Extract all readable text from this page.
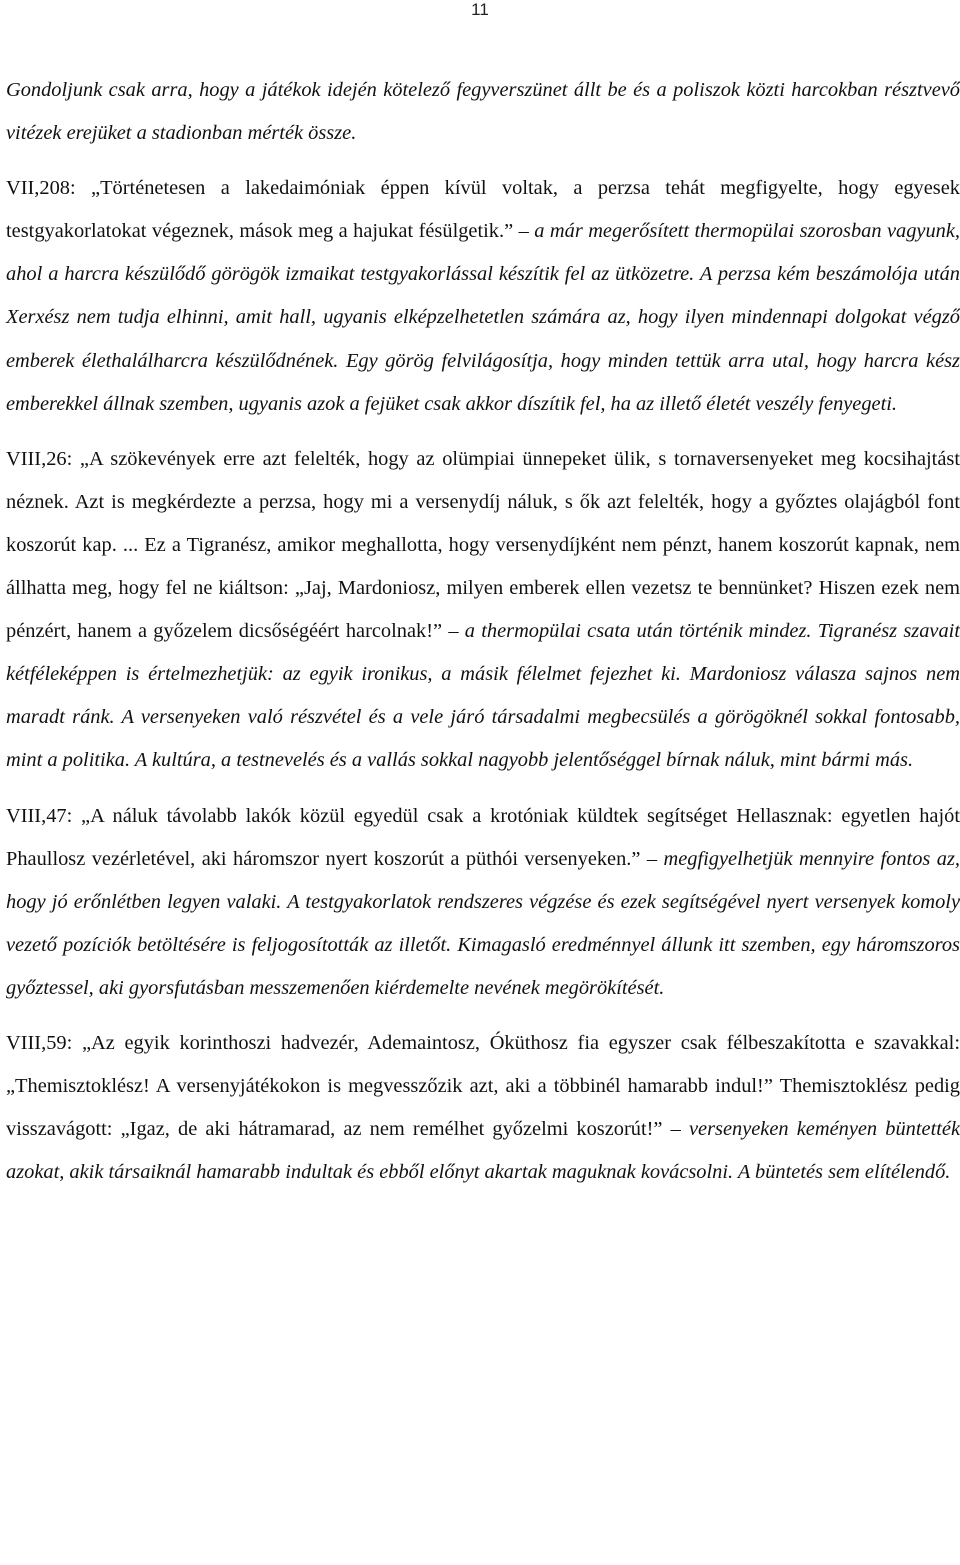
11

Gondoljunk csak arra, hogy a játékok idején kötelező fegyverszünet állt be és a poliszok közti harcokban résztvevő vitézek erejüket a stadionban mérték össze.

VII,208: „Történetesen a lakedaimóniak éppen kívül voltak, a perzsa tehát megfigyelte, hogy egyesek testgyakorlatokat végeznek, mások meg a hajukat fésülgetik.” – a már megerősített thermopülai szorosban vagyunk, ahol a harcra készülődő görögök izmaikat testgyakorlással készítik fel az ütközetre. A perzsa kém beszámolója után Xerxész nem tudja elhinni, amit hall, ugyanis elképzelhetetlen számára az, hogy ilyen mindennapi dolgokat végző emberek élethalálharcra készülődnének. Egy görög felvilágosítja, hogy minden tettük arra utal, hogy harcra kész emberekkel állnak szemben, ugyanis azok a fejüket csak akkor díszítik fel, ha az illető életét veszély fenyegeti.

VIII,26: „A szökevények erre azt felelték, hogy az olümpiai ünnepeket ülik, s tornaversenyeket meg kocsihajtást néznek. Azt is megkérdezte a perzsa, hogy mi a versenydíj náluk, s ők azt felelték, hogy a győztes olajágból font koszorút kap. ... Ez a Tigranész, amikor meghallotta, hogy versenydíjként nem pénzt, hanem koszorút kapnak, nem állhatta meg, hogy fel ne kiáltson: „Jaj, Mardoniosz, milyen emberek ellen vezetsz te bennünket? Hiszen ezek nem pénzért, hanem a győzelem dicsőségéért harcolnak!” – a thermopülai csata után történik mindez. Tigranész szavait kétféleképpen is értelmezhetjük: az egyik ironikus, a másik félelmet fejezhet ki. Mardoniosz válasza sajnos nem maradt ránk. A versenyeken való részvétel és a vele járó társadalmi megbecsülés a görögöknél sokkal fontosabb, mint a politika. A kultúra, a testnevelés és a vallás sokkal nagyobb jelentőséggel bírnak náluk, mint bármi más.

VIII,47: „A náluk távolabb lakók közül egyedül csak a krotóniak küldtek segítséget Hellasznak: egyetlen hajót Phaullosz vezérletével, aki háromszor nyert koszorút a püthói versenyeken.” – megfigyelhetjük mennyire fontos az, hogy jó erőnlétben legyen valaki. A testgyakorlatok rendszeres végzése és ezek segítségével nyert versenyek komoly vezető pozíciók betöltésére is feljogosították az illetőt. Kimagasló eredménnyel állunk itt szemben, egy háromszoros győztessel, aki gyorsfutásban messzemenően kiérdemelte nevének megörökítését.

VIII,59: „Az egyik korinthoszi hadvezér, Ademaintosz, Óküthosz fia egyszer csak félbeszakította e szavakkal: „Themisztoklész! A versenyjátékokon is megvesszőzik azt, aki a többinél hamarabb indul!” Themisztoklész pedig visszavágott: „Igaz, de aki hátramarad, az nem remélhet győzelmi koszorút!” – versenyeken keményen büntették azokat, akik társaiknál hamarabb indultak és ebből előnyt akartak maguknak kovácsolni. A büntetés sem elítélendő.
